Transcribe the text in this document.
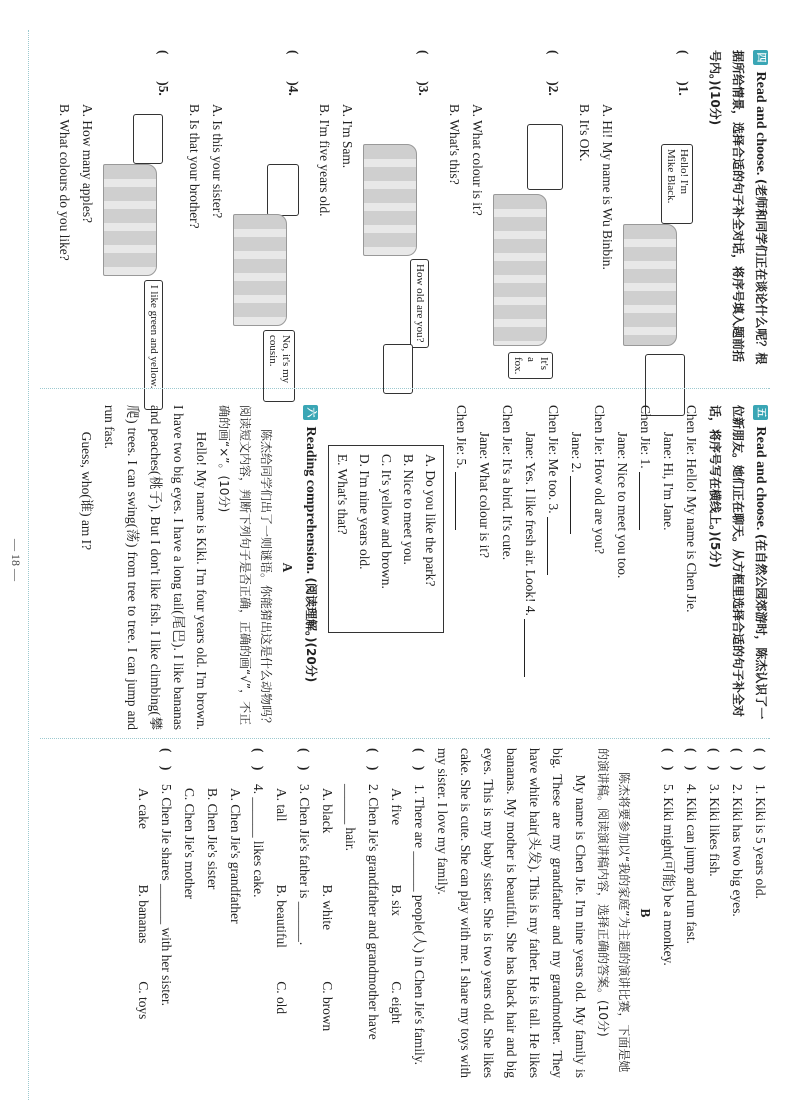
四 Read and choose. (老师和同学们正在谈论什么呢？根据所给情景，选择合适的句子补全对话，将序号填入题前括号内。)(10分)
(　　)1.
Hello! I'm Mike Black.
A. Hi! My name is Wu Binbin.
B. It's OK.
(　　)2.
It's a fox.
A. What colour is it?
B. What's this?
(　　)3.
How old are you?
A. I'm Sam.
B. I'm five years old.
(　　)4.
No, it's my cousin.
A. Is this your sister?
B. Is that your brother?
(　　)5.
I like green and yellow.
A. How many apples?
B. What colours do you like?
五 Read and choose. (在自然公园郊游时，陈杰认识了一位新朋友。她们正在聊天。从方框里选择合适的句子补全对话，将序号写在横线上。)(5分)
Chen Jie: Hello! My name is Chen Jie.
Jane: Hi, I'm Jane.
Chen Jie: 1.
Jane: Nice to meet you too.
Chen Jie: How old are you?
Jane: 2.
Chen Jie: Me too. 3.
Jane: Yes. I like fresh air. Look! 4.
Chen Jie: It's a bird. It's cute.
Jane: What colour is it?
Chen Jie: 5.
A. Do you like the park?
B. Nice to meet you.
C. It's yellow and brown.
D. I'm nine years old.
E. What's that?
六 Reading comprehension. (阅读理解。)(20分)
A
陈杰给同学们出了一则谜语。你能猜出这是什么动物吗？阅读短文内容，判断下列句子是否正确，正确的画“√”，不正确的画“×”。(10分)
Hello! My name is Kiki. I'm four years old. I'm brown. I have two big eyes. I have a long tail(尾巴). I like bananas and peaches(桃子). But I don't like fish. I like climbing(攀爬) trees. I can swing(荡) from tree to tree. I can jump and run fast.
Guess, who(谁) am I?
(　)
1. Kiki is 5 years old.
(　)
2. Kiki has two big eyes.
(　)
3. Kiki likes fish.
(　)
4. Kiki can jump and run fast.
(　)
5. Kiki might(可能) be a monkey.
B
陈杰将要参加以“我的家庭”为主题的演讲比赛，下面是她的演讲稿。阅读演讲稿内容，选择正确的答案。(10分)
My name is Chen Jie. I'm nine years old. My family is big. These are my grandfather and my grandmother. They have white hair(头发). This is my father. He is tall. He likes bananas. My mother is beautiful. She has black hair and big eyes. This is my baby sister. She is two years old. She likes cake. She is cute. She can play with me. I share my toys with my sister. I love my family.
(　)
1. There are ______ people(人) in Chen Jie's family.
A. five
B. six
C. eight
(　)
2. Chen Jie's grandfather and grandmother have ______ hair.
A. black
B. white
C. brown
(　)
3. Chen Jie's father is ______.
A. tall
B. beautiful
C. old
(　)
4. ______ likes cake.
A. Chen Jie's grandfather
B. Chen Jie's sister
C. Chen Jie's mother
(　)
5. Chen Jie shares ______ with her sister.
A. cake
B. bananas
C. toys
— 18 —
